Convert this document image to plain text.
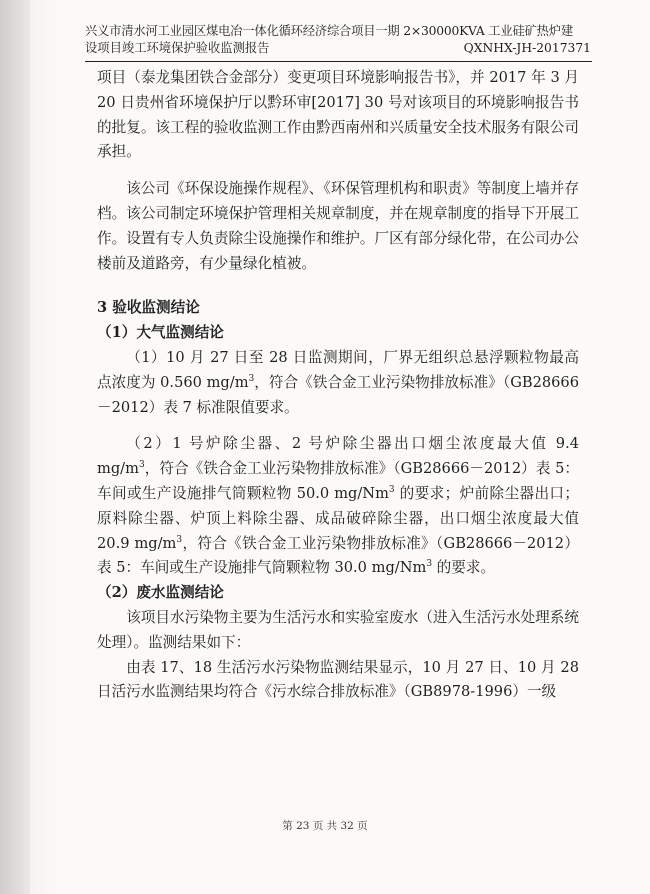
兴义市清水河工业园区煤电冶一体化循环经济综合项目一期 2×30000KVA 工业硅矿热炉建
设项目竣工环境保护验收监测报告	QXNHX-JH-2017371

项目（泰龙集团铁合金部分）变更项目环境影响报告书》，并 2017 年 3 月 20 日贵州省环境保护厅以黔环审[2017] 30 号对该项目的环境影响报告书的批复。该工程的验收监测工作由黔西南州和兴质量安全技术服务有限公司承担。

该公司《环保设施操作规程》、《环保管理机构和职责》等制度上墙并存档。该公司制定环境保护管理相关规章制度，并在规章制度的指导下开展工作。设置有专人负责除尘设施操作和维护。厂区有部分绿化带，在公司办公楼前及道路旁，有少量绿化植被。

3 验收监测结论

（1）大气监测结论

（1）10 月 27 日至 28 日监测期间，厂界无组织总悬浮颗粒物最高点浓度为 0.560 $mg/m^3$，符合《铁合金工业污染物排放标准》（GB28666－2012）表 7 标准限值要求。

（2）1 号炉除尘器、2 号炉除尘器出口烟尘浓度最大值 9.4 $mg/m^3$，符合《铁合金工业污染物排放标准》（GB28666－2012）表 5：车间或生产设施排气筒颗粒物 50.0 mg/Nm$^3$ 的要求；炉前除尘器出口；原料除尘器、炉顶上料除尘器、成品破碎除尘器，出口烟尘浓度最大值 20.9 $mg/m^3$，符合《铁合金工业污染物排放标准》（GB28666－2012）表 5：车间或生产设施排气筒颗粒物 30.0 mg/Nm$^3$ 的要求。

（2）废水监测结论

该项目水污染物主要为生活污水和实验室废水（进入生活污水处理系统处理）。监测结果如下：

由表 17、18 生活污水污染物监测结果显示，10 月 27 日、10 月 28 日活污水监测结果均符合《污水综合排放标准》（GB8978-1996）一级

第 23 页 共 32 页
